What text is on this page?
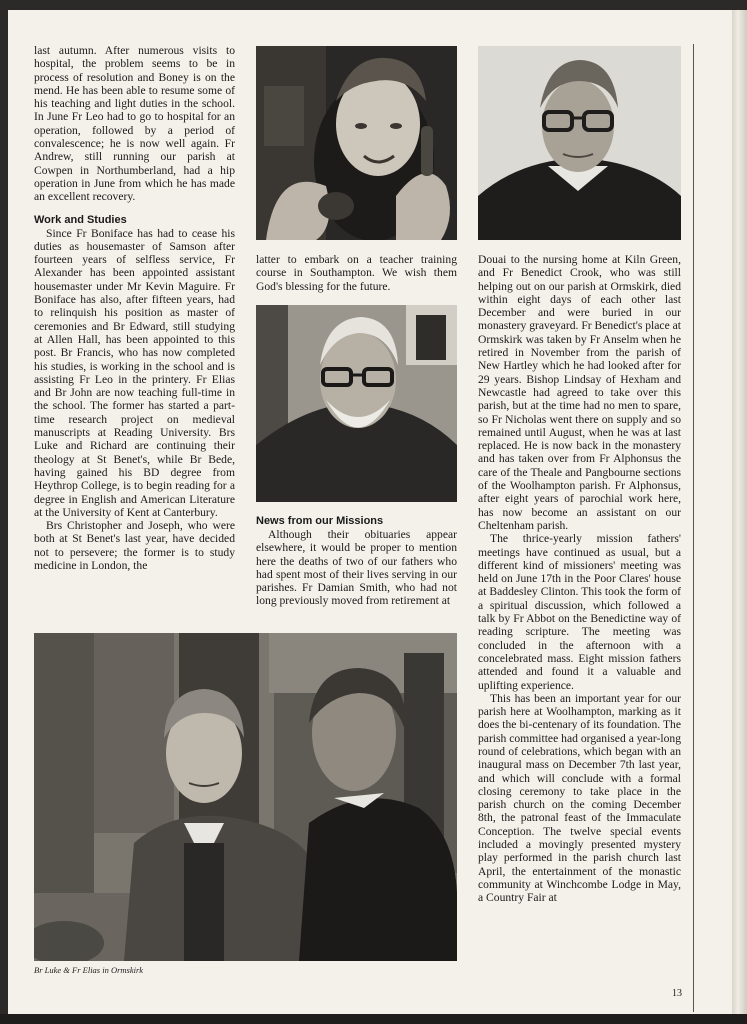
last autumn. After numerous visits to hospital, the problem seems to be in process of resolution and Boney is on the mend. He has been able to resume some of his teaching and light duties in the school. In June Fr Leo had to go to hospital for an operation, followed by a period of convalescence; he is now well again. Fr Andrew, still running our parish at Cowpen in Northumberland, had a hip operation in June from which he has made an excellent recovery.

Work and Studies

Since Fr Boniface has had to cease his duties as housemaster of Samson after fourteen years of selfless service, Fr Alexander has been appointed assistant housemaster under Mr Kevin Maguire. Fr Boniface has also, after fifteen years, had to relinquish his position as master of ceremonies and Br Edward, still studying at Allen Hall, has been appointed to this post. Br Francis, who has now completed his studies, is working in the school and is assisting Fr Leo in the printery. Fr Elias and Br John are now teaching full-time in the school. The former has started a part-time research project on medieval manuscripts at Reading University. Brs Luke and Richard are continuing their theology at St Benet's, while Br Bede, having gained his BD degree from Heythrop College, is to begin reading for a degree in English and American Literature at the University of Kent at Canterbury.

Brs Christopher and Joseph, who were both at St Benet's last year, have decided not to persevere; the former is to study medicine in London, the

latter to embark on a teacher training course in Southampton. We wish them God's blessing for the future.

News from our Missions

Although their obituaries appear elsewhere, it would be proper to mention here the deaths of two of our fathers who had spent most of their lives serving in our parishes. Fr Damian Smith, who had not long previously moved from retirement at

Douai to the nursing home at Kiln Green, and Fr Benedict Crook, who was still helping out on our parish at Ormskirk, died within eight days of each other last December and were buried in our monastery graveyard. Fr Benedict's place at Ormskirk was taken by Fr Anselm when he retired in November from the parish of New Hartley which he had looked after for 29 years. Bishop Lindsay of Hexham and Newcastle had agreed to take over this parish, but at the time had no men to spare, so Fr Nicholas went there on supply and so remained until August, when he was at last replaced. He is now back in the monastery and has taken over from Fr Alphonsus the care of the Theale and Pangbourne sections of the Woolhampton parish. Fr Alphonsus, after eight years of parochial work here, has now become an assistant on our Cheltenham parish.

The thrice-yearly mission fathers' meetings have continued as usual, but a different kind of missioners' meeting was held on June 17th in the Poor Clares' house at Baddesley Clinton. This took the form of a spiritual discussion, which followed a talk by Fr Abbot on the Benedictine way of reading scripture. The meeting was concluded in the afternoon with a concelebrated mass. Eight mission fathers attended and found it a valuable and uplifting experience.

This has been an important year for our parish here at Woolhampton, marking as it does the bi-centenary of its foundation. The parish committee had organised a year-long round of celebrations, which began with an inaugural mass on December 7th last year, and which will conclude with a formal closing ceremony to take place in the parish church on the coming December 8th, the patronal feast of the Immaculate Conception. The twelve special events included a movingly presented mystery play performed in the parish church last April, the entertainment of the monastic community at Winchcombe Lodge in May, a Country Fair at

Br Luke & Fr Elias in Ormskirk
13
